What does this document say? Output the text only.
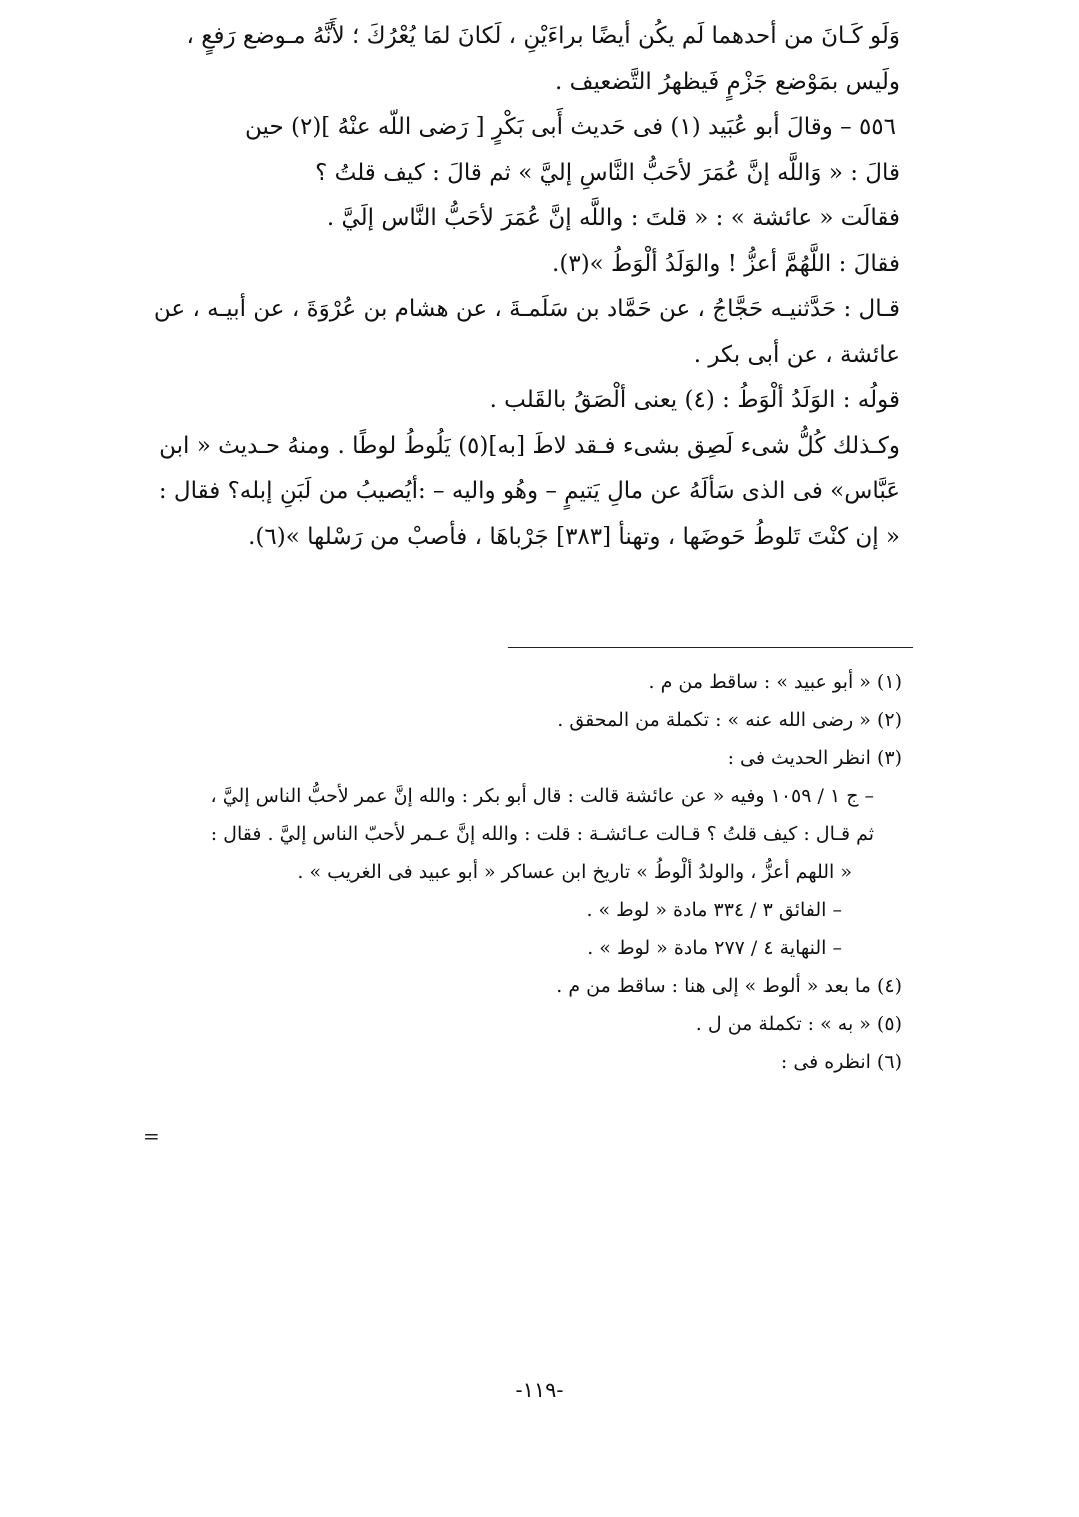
وَلَو كَـانَ من أحدهما لَم يكُن أيضًا براءَيْنِ ، لَكانَ لمَا يُعْرُكَ ؛ لأَنَّهُ مـوضع رَفعٍ ،

ولَيس بمَوْضع جَزْمٍ فَيظهرُ التَّضعيف .

٥٥٦ – وقالَ أبو عُبَيد (١) فى حَديث أَبى بَكْرٍ [ رَضى اللّه عنْهُ ](٢) حين

قالَ : « وَاللَّه إنَّ عُمَرَ لأحَبُّ النَّاسِ إليَّ » ثم قالَ : كيف قلتُ ؟

فقالَت « عائشة » : « قلتَ : واللَّه إنَّ عُمَرَ لأحَبُّ النَّاس إلَيَّ .

فقالَ : اللَّهُمَّ أعزُّ ! والوَلَدُ ألْوَطُ »(٣).

قـال : حَدَّثنيـه حَجَّاجُ ، عن حَمَّاد بن سَلَمـةَ ، عن هشام بن عُرْوَةَ ، عن أبيـه ، عن

عائشة ، عن أبى بكر .

قولُه : الوَلَدُ ألْوَطُ : (٤) يعنى ألْصَقُ بالقَلب .

وكـذلك كُلُّ شىء لَصِق بشىء فـقد لاطَ [به](٥) يَلُوطُ لوطًا . ومنهُ حـديث « ابن

عَبَّاس» فى الذى سَألَهُ عن مالِ يَتيمٍ – وهُو واليه – :أيُصيبُ من لَبَنِ إبله؟ فقال :

« إن كنْتَ تَلوطُ حَوضَها ، وتهنأ [٣٨٣] جَرْباهَا ، فأصبْ من رَسْلها »(٦).

(١) « أبو عبيد » : ساقط من م .

(٢) « رضى الله عنه » : تكملة من المحقق .

(٣) انظر الحديث فى :

– ج ١ / ١٠٥٩ وفيه « عن عائشة قالت : قال أبو بكر : والله إنَّ عمر لأحبُّ الناس إليَّ ،

ثم قـال : كيف قلتُ ؟ قـالت عـائشـة : قلت : والله إنَّ عـمر لأحبّ الناس إليَّ . فقال :

« اللهم أعزُّ ، والولدُ ألْوطُ » تاريخ ابن عساكر « أبو عبيد فى الغريب » .

– الفائق ٣ / ٣٣٤ مادة « لوط » .

– النهاية ٤ / ٢٧٧ مادة « لوط » .

(٤) ما بعد « ألوط » إلى هنا : ساقط من م .

(٥) « به » : تكملة من ل .

(٦) انظره فى :

=
-١١٩-
